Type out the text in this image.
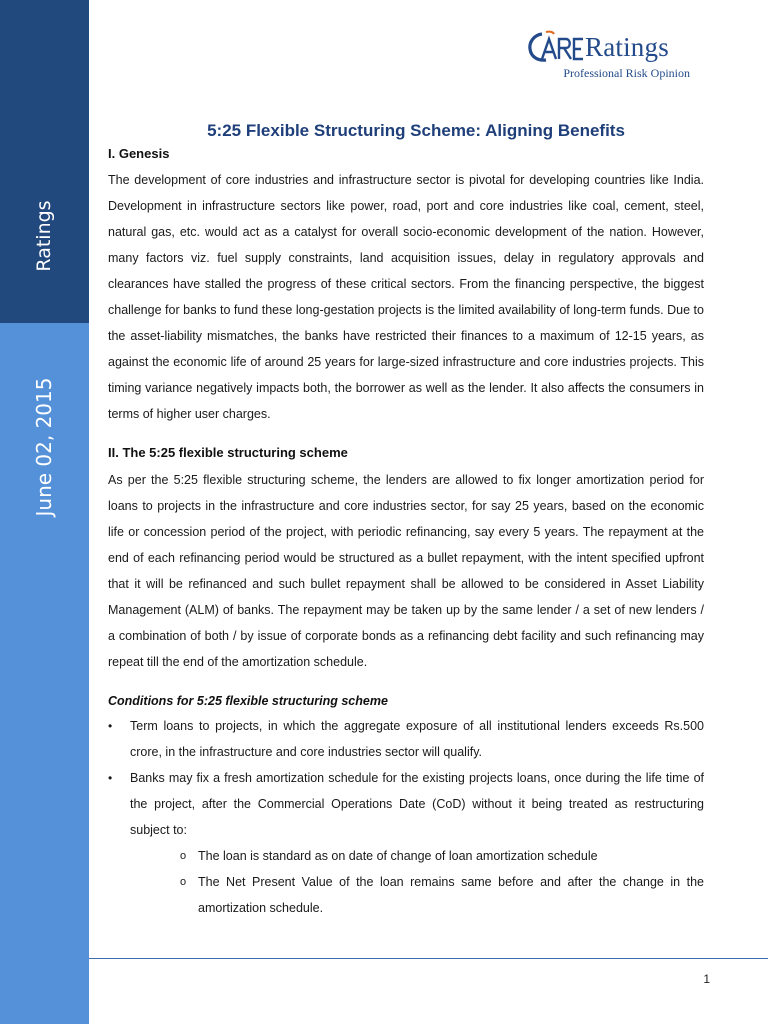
Ratings
June 02, 2015
Ratings
Professional Risk Opinion
5:25 Flexible Structuring Scheme: Aligning Benefits
I. Genesis

The development of core industries and infrastructure sector is pivotal for developing countries like India. Development in infrastructure sectors like power, road, port and core industries like coal, cement, steel, natural gas, etc. would act as a catalyst for overall socio-economic development of the nation. However, many factors viz. fuel supply constraints, land acquisition issues, delay in regulatory approvals and clearances have stalled the progress of these critical sectors. From the financing perspective, the biggest challenge for banks to fund these long-gestation projects is the limited availability of long-term funds. Due to the asset-liability mismatches, the banks have restricted their finances to a maximum of 12-15 years, as against the economic life of around 25 years for large-sized infrastructure and core industries projects. This timing variance negatively impacts both, the borrower as well as the lender. It also affects the consumers in terms of higher user charges.

II. The 5:25 flexible structuring scheme

As per the 5:25 flexible structuring scheme, the lenders are allowed to fix longer amortization period for loans to projects in the infrastructure and core industries sector, for say 25 years, based on the economic life or concession period of the project, with periodic refinancing, say every 5 years. The repayment at the end of each refinancing period would be structured as a bullet repayment, with the intent specified upfront that it will be refinanced and such bullet repayment shall be allowed to be considered in Asset Liability Management (ALM) of banks. The repayment may be taken up by the same lender / a set of new lenders / a combination of both / by issue of corporate bonds as a refinancing debt facility and such refinancing may repeat till the end of the amortization schedule.

Conditions for 5:25 flexible structuring scheme
• Term loans to projects, in which the aggregate exposure of all institutional lenders exceeds Rs.500 crore, in the infrastructure and core industries sector will qualify.

• Banks may fix a fresh amortization schedule for the existing projects loans, once during the life time of the project, after the Commercial Operations Date (CoD) without it being treated as restructuring subject to:

o The loan is standard as on date of change of loan amortization schedule

o The Net Present Value of the loan remains same before and after the change in the amortization schedule.

1
